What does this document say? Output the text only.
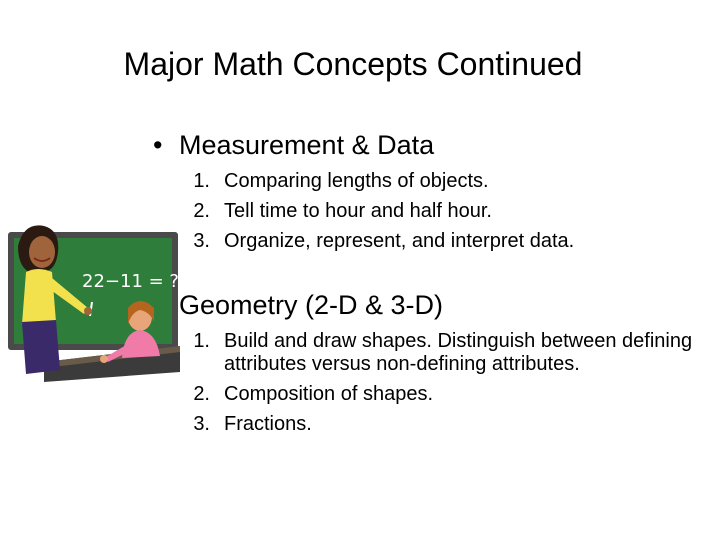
Major Math Concepts Continued
• Measurement & Data
1. Comparing lengths of objects.
2. Tell time to hour and half hour.
3. Organize, represent, and interpret data.
Geometry (2-D & 3-D)
1. Build and draw shapes. Distinguish between defining attributes versus non-defining attributes.
2. Composition of shapes.
3. Fractions.
22−11 = ?
